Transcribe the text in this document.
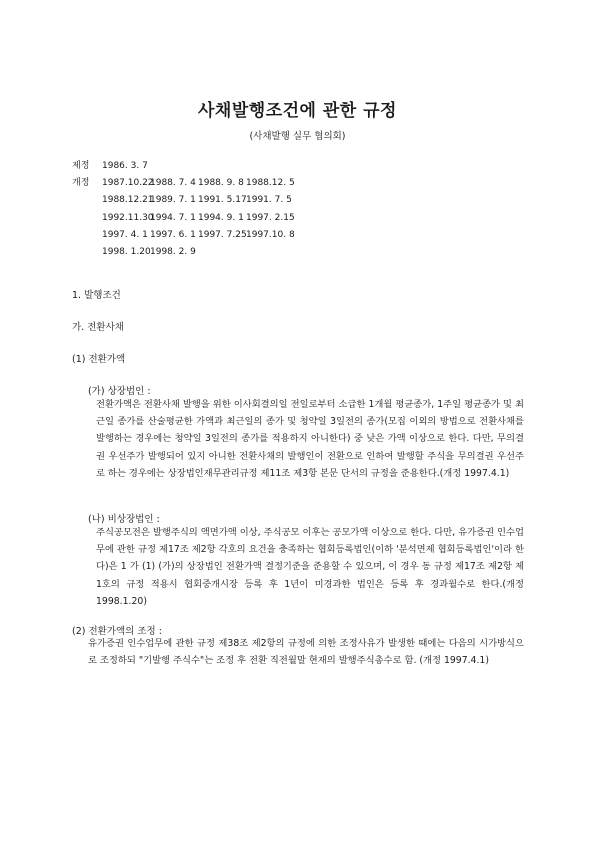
사채발행조건에 관한 규정
(사채발행 실무 협의회)
제정	1986. 3. 7
개정	1987.10.22
1988. 7. 4 1988. 9. 8 1988.12. 5
1988.12.21
1989. 7. 1 1991. 5.17 1991. 7. 5
1992.11.30
1994. 7. 1 1994. 9. 1 1997. 2.15
1997. 4. 1 1997. 6. 1 1997. 7.25 1997.10. 8
1998. 1.20 1998. 2. 9
1. 발행조건
가. 전환사채
(1) 전환가액
(가) 상장법인 :
전환가액은 전환사채 발행을 위한 이사회결의일 전일로부터 소급한 1개월 평균종가, 1주일 평균종가 및 최근일 종가를 산술평균한 가액과 최근일의 종가 및 청약일 3일전의 종가(모집 이외의 방법으로 전환사채를 발행하는 경우에는 청약일 3일전의 종가를 적용하지 아니한다) 중 낮은 가액 이상으로 한다. 다만, 무의결권 우선주가 발행되어 있지 아니한 전환사채의 발행인이 전환으로 인하여 발행할 주식을 무의결권 우선주로 하는 경우에는 상장법인재무관리규정 제11조 제3항 본문 단서의 규정을 준용한다.(개정 1997.4.1)
(나) 비상장법인 :
주식공모전은 발행주식의 액면가액 이상, 주식공모 이후는 공모가액 이상으로 한다. 다만, 유가증권 인수업무에 관한 규정 제17조 제2항 각호의 요건을 충족하는 협회등록법인(이하 '분석면제 협회등록법인'이라 한다)은 1 가 (1) (가)의 상장법인 전환가액 결정기준을 준용할 수 있으며, 이 경우 동 규정 제17조 제2항 제1호의 규정 적용시 협회중개시장 등록 후 1년이 미경과한 법인은 등록 후 경과월수로 한다.(개정 1998.1.20)
(2) 전환가액의 조정 :
유가증권 인수업무에 관한 규정 제38조 제2항의 규정에 의한 조정사유가 발생한 때에는 다음의 시가방식으로 조정하되 "기발행 주식수"는 조정 후 전환 직전월말 현재의 발행주식총수로 함. (개정 1997.4.1)
